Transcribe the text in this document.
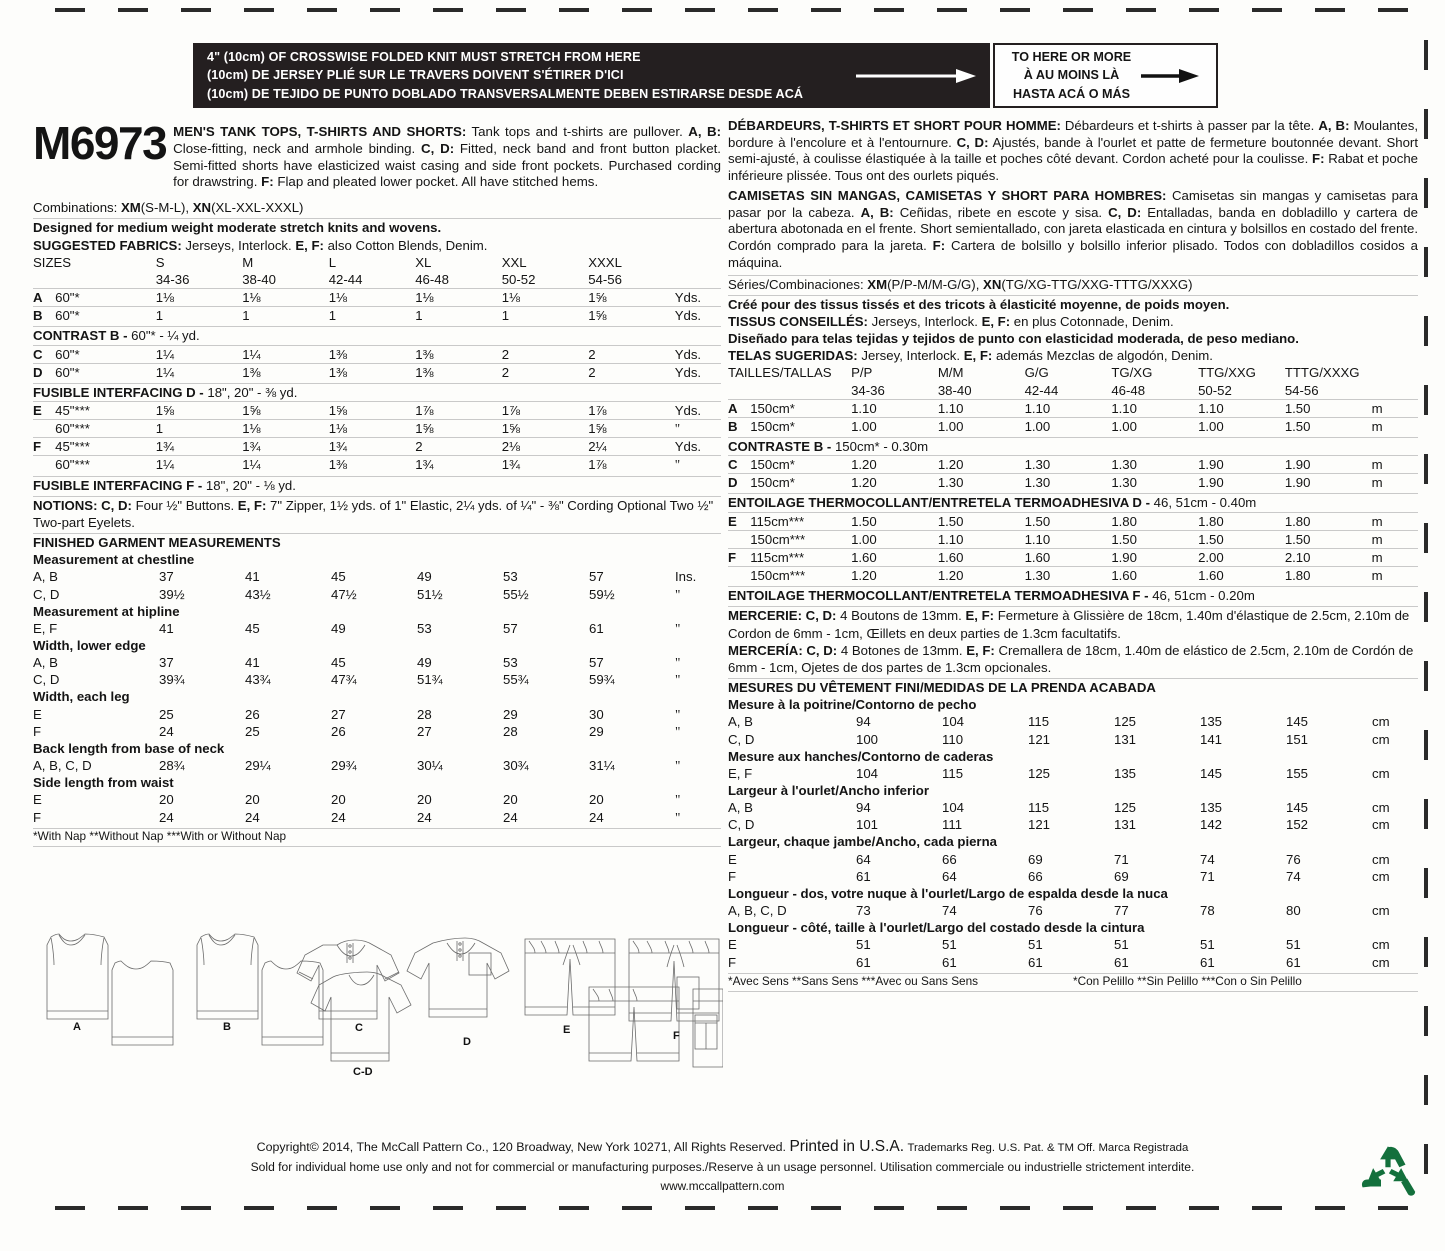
4" (10cm) OF CROSSWISE FOLDED KNIT MUST STRETCH FROM HERE
(10cm) DE JERSEY PLIÉ SUR LE TRAVERS DOIVENT S'ÉTIRER D'ICI
(10cm) DE TEJIDO DE PUNTO DOBLADO TRANSVERSALMENTE DEBEN ESTIRARSE DESDE ACÁ
TO HERE OR MORE
À AU MOINS LÀ
HASTA ACÁ O MÁS
M6973 MEN'S TANK TOPS, T-SHIRTS AND SHORTS: Tank tops and t-shirts are pullover. A, B: Close-fitting, neck and armhole binding. C, D: Fitted, neck band and front button placket. Semi-fitted shorts have elasticized waist casing and side front pockets. Purchased cording for drawstring. F: Flap and pleated lower pocket. All have stitched hems.
Combinations: XM(S-M-L), XN(XL-XXL-XXXL)
Designed for medium weight moderate stretch knits and wovens.
SUGGESTED FABRICS: Jerseys, Interlock. E, F: also Cotton Blends, Denim.
SIZES		S	M	L	XL	XXL	XXXL	
		34-36	38-40	42-44	46-48	50-52	54-56	
A	60"*	1⅛	1⅛	1⅛	1⅛	1⅛	1⅝	Yds.
B	60"*	1	1	1	1	1	1⅝	Yds.
CONTRAST B - 60"* - ¼ yd.
C	60"*	1¼	1¼	1⅜	1⅜	2	2	Yds.
D	60"*	1¼	1⅜	1⅜	1⅜	2	2	Yds.
FUSIBLE INTERFACING D - 18", 20" - ⅜ yd.
E	45"***	1⅝	1⅝	1⅝	1⅞	1⅞	1⅞	Yds.
	60"***	1	1⅛	1⅛	1⅝	1⅝	1⅝	"
F	45"***	1¾	1¾	1¾	2	2⅛	2¼	Yds.
	60"***	1¼	1¼	1⅜	1¾	1¾	1⅞	"
FUSIBLE INTERFACING F - 18", 20" - ⅛ yd.
NOTIONS: C, D: Four ½" Buttons. E, F: 7" Zipper, 1½ yds. of 1" Elastic, 2¼ yds. of ¼" - ⅜" Cording Optional Two ½" Two-part Eyelets.
FINISHED GARMENT MEASUREMENTS
Measurement at chestline
A, B	37	41	45	49	53	57	Ins.
C, D	39½	43½	47½	51½	55½	59½	"
Measurement at hipline
E, F	41	45	49	53	57	61	"
Width, lower edge
A, B	37	41	45	49	53	57	"
C, D	39¾	43¾	47¾	51¾	55¾	59¾	"
Width, each leg
E	25	26	27	28	29	30	"
F	24	25	26	27	28	29	"
Back length from base of neck
A, B, C, D	28¾	29¼	29¾	30¼	30¾	31¼	"
Side length from waist
E	20	20	20	20	20	20	"
F	24	24	24	24	24	24	"
*With Nap **Without Nap ***With or Without Nap
DÉBARDEURS, T-SHIRTS ET SHORT POUR HOMME: Débardeurs et t-shirts à passer par la tête. A, B: Moulantes, bordure à l'encolure et à l'entournure. C, D: Ajustés, bande à l'ourlet et patte de fermeture boutonnée devant. Short semi-ajusté, à coulisse élastiquée à la taille et poches côté devant. Cordon acheté pour la coulisse. F: Rabat et poche inférieure plissée. Tous ont des ourlets piqués.
CAMISETAS SIN MANGAS, CAMISETAS Y SHORT PARA HOMBRES: Camisetas sin mangas y camisetas para pasar por la cabeza. A, B: Ceñidas, ribete en escote y sisa. C, D: Entalladas, banda en dobladillo y cartera de abertura abotonada en el frente. Short semientallado, con jareta elasticada en cintura y bolsillos en costado del frente. Cordón comprado para la jareta. F: Cartera de bolsillo y bolsillo inferior plisado. Todos con dobladillos cosidos a máquina.
Séries/Combinaciones: XM(P/P-M/M-G/G), XN(TG/XG-TTG/XXG-TTTG/XXXG)
Créé pour des tissus tissés et des tricots à élasticité moyenne, de poids moyen.
TISSUS CONSEILLÉS: Jerseys, Interlock. E, F: en plus Cotonnade, Denim.
Diseñado para telas tejidas y tejidos de punto con elasticidad moderada, de peso mediano.
TELAS SUGERIDAS: Jersey, Interlock. E, F: además Mezclas de algodón, Denim.
TAILLES/TALLAS		P/P	M/M	G/G	TG/XG	TTG/XXG	TTTG/XXXG	
		34-36	38-40	42-44	46-48	50-52	54-56	
A	150cm*	1.10	1.10	1.10	1.10	1.10	1.50	m
B	150cm*	1.00	1.00	1.00	1.00	1.00	1.50	m
CONTRASTE B - 150cm* - 0.30m
C	150cm*	1.20	1.20	1.30	1.30	1.90	1.90	m
D	150cm*	1.20	1.30	1.30	1.30	1.90	1.90	m
ENTOILAGE THERMOCOLLANT/ENTRETELA TERMOADHESIVA D - 46, 51cm - 0.40m
E	115cm***	1.50	1.50	1.50	1.80	1.80	1.80	m
	150cm***	1.00	1.10	1.10	1.50	1.50	1.50	m
F	115cm***	1.60	1.60	1.60	1.90	2.00	2.10	m
	150cm***	1.20	1.20	1.30	1.60	1.60	1.80	m
ENTOILAGE THERMOCOLLANT/ENTRETELA TERMOADHESIVA F - 46, 51cm - 0.20m
MERCERIE: C, D: 4 Boutons de 13mm. E, F: Fermeture à Glissière de 18cm, 1.40m d'élastique de 2.5cm, 2.10m de Cordon de 6mm - 1cm, Œillets en deux parties de 1.3cm facultatifs.
MERCERÍA: C, D: 4 Botones de 13mm. E, F: Cremallera de 18cm, 1.40m de elástico de 2.5cm, 2.10m de Cordón de 6mm - 1cm, Ojetes de dos partes de 1.3cm opcionales.
MESURES DU VÊTEMENT FINI/MEDIDAS DE LA PRENDA ACABADA
Mesure à la poitrine/Contorno de pecho
A, B	94	104	115	125	135	145	cm
C, D	100	110	121	131	141	151	cm
Mesure aux hanches/Contorno de caderas
E, F	104	115	125	135	145	155	cm
Largeur à l'ourlet/Ancho inferior
A, B	94	104	115	125	135	145	cm
C, D	101	111	121	131	142	152	cm
Largeur, chaque jambe/Ancho, cada pierna
E	64	66	69	71	74	76	cm
F	61	64	66	69	71	74	cm
Longueur - dos, votre nuque à l'ourlet/Largo de espalda desde la nuca
A, B, C, D	73	74	76	77	78	80	cm
Longueur - côté, taille à l'ourlet/Largo del costado desde la cintura
E	51	51	51	51	51	51	cm
F	61	61	61	61	61	61	cm
*Avec Sens **Sans Sens ***Avec ou Sans Sens	*Con Pelillo **Sin Pelillo ***Con o Sin Pelillo
A	B	C
C-D
D
E	F
Copyright© 2014, The McCall Pattern Co., 120 Broadway, New York 10271, All Rights Reserved. Printed in U.S.A. Trademarks Reg. U.S. Pat. & TM Off. Marca Registrada
Sold for individual home use only and not for commercial or manufacturing purposes./Reserve à un usage personnel. Utilisation commerciale ou industrielle strictement interdite.
www.mccallpattern.com
